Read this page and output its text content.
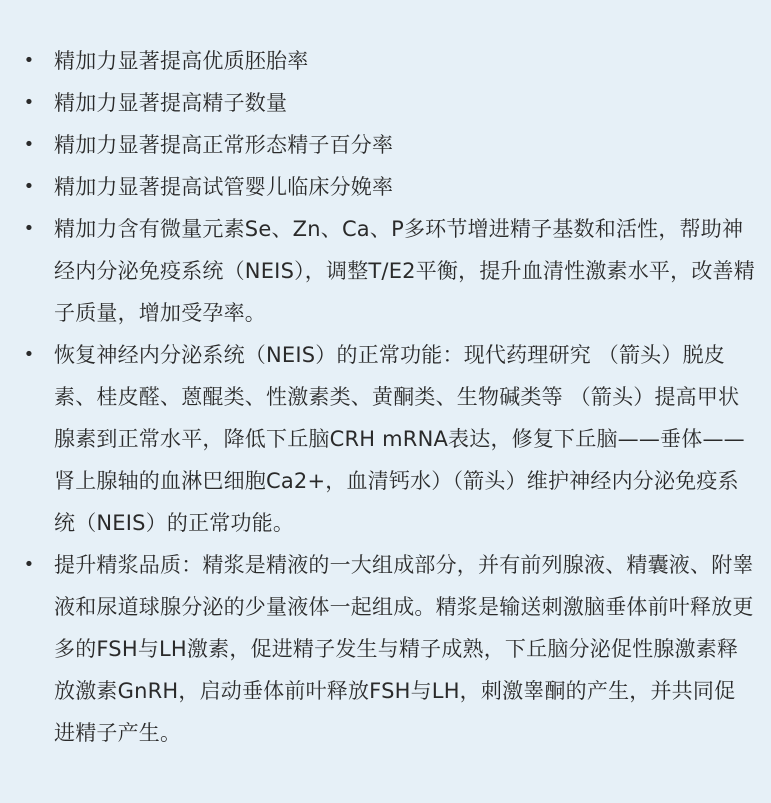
• 精加力显著提高优质胚胎率
• 精加力显著提高精子数量
• 精加力显著提高正常形态精子百分率
• 精加力显著提高试管婴儿临床分娩率
• 精加力含有微量元素Se、Zn、Ca、P多环节增进精子基数和活性，帮助神经内分泌免疫系统（NEIS），调整T/E2平衡，提升血清性激素水平，改善精子质量，增加受孕率。
• 恢复神经内分泌系统（NEIS）的正常功能：现代药理研究 （箭头）脱皮素、桂皮醛、蒽醌类、性激素类、黄酮类、生物碱类等 （箭头）提高甲状腺素到正常水平，降低下丘脑CRH mRNA表达，修复下丘脑——垂体——肾上腺轴的血淋巴细胞Ca2+，血清钙水）（箭头）维护神经内分泌免疫系统（NEIS）的正常功能。
• 提升精浆品质：精浆是精液的一大组成部分，并有前列腺液、精囊液、附睾液和尿道球腺分泌的少量液体一起组成。精浆是输送刺激脑垂体前叶释放更多的FSH与LH激素，促进精子发生与精子成熟，下丘脑分泌促性腺激素释放激素GnRH，启动垂体前叶释放FSH与LH，刺激睾酮的产生，并共同促进精子产生。
